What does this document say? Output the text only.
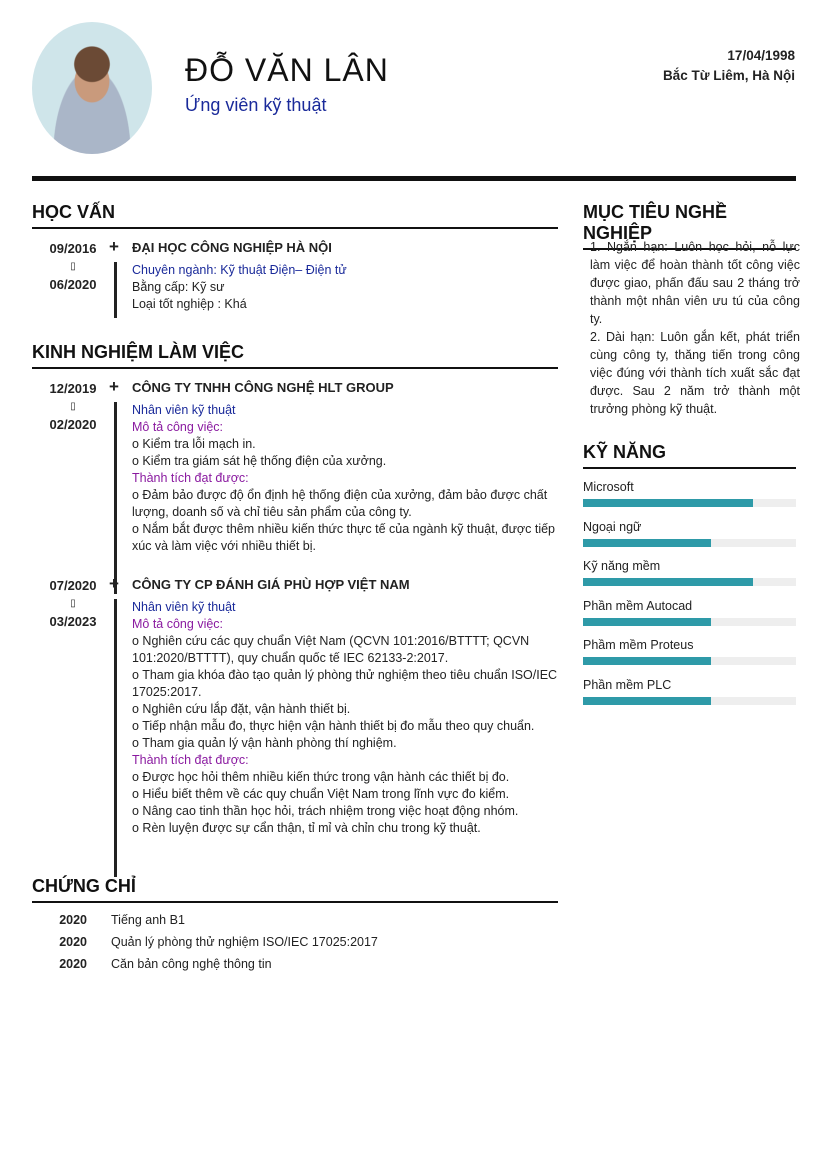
ĐỖ VĂN LÂN
Ứng viên kỹ thuật
17/04/1998
Bắc Từ Liêm, Hà Nội
HỌC VẤN
09/2016
▯
06/2020
+ ĐẠI HỌC CÔNG NGHIỆP HÀ NỘI
Chuyên ngành: Kỹ thuật Điện– Điện tử
Bằng cấp: Kỹ sư
Loại tốt nghiệp : Khá
KINH NGHIỆM LÀM VIỆC
12/2019
▯
02/2020
+ CÔNG TY TNHH CÔNG NGHỆ HLT GROUP
Nhân viên kỹ thuật
Mô tả công việc:
o Kiểm tra lỗi mạch in.
o Kiểm tra giám sát hệ thống điện của xưởng.
Thành tích đạt được:
o Đảm bảo được độ ổn định hệ thống điện của xưởng, đảm bảo được chất lượng, doanh số và chỉ tiêu sản phẩm của công ty.
o Nắm bắt được thêm nhiều kiến thức thực tế của ngành kỹ thuật, được tiếp xúc và làm việc với nhiều thiết bị.
07/2020
▯
03/2023
+ CÔNG TY CP ĐÁNH GIÁ PHÙ HỢP VIỆT NAM
Nhân viên kỹ thuật
Mô tả công việc:
o Nghiên cứu các quy chuẩn Việt Nam (QCVN 101:2016/BTTTT; QCVN 101:2020/BTTTT), quy chuẩn quốc tế IEC 62133-2:2017.
o Tham gia khóa đào tạo quản lý phòng thử nghiệm theo tiêu chuẩn ISO/IEC 17025:2017.
o Nghiên cứu lắp đặt, vận hành thiết bị.
o Tiếp nhận mẫu đo, thực hiện vận hành thiết bị đo mẫu theo quy chuẩn.
o Tham gia quản lý vận hành phòng thí nghiệm.
Thành tích đạt được:
o Được học hỏi thêm nhiều kiến thức trong vận hành các thiết bị đo.
o Hiểu biết thêm về các quy chuẩn Việt Nam trong lĩnh vực đo kiểm.
o Nâng cao tinh thần học hỏi, trách nhiệm trong việc hoạt động nhóm.
o Rèn luyện được sự cẩn thận, tỉ mỉ và chỉn chu trong kỹ thuật.
CHỨNG CHỈ
2020 Tiếng anh B1
2020 Quản lý phòng thử nghiệm ISO/IEC 17025:2017
2020 Căn bản công nghệ thông tin
MỤC TIÊU NGHỀ NGHIỆP
1. Ngắn hạn: Luôn học hỏi, nỗ lực làm việc để hoàn thành tốt công việc được giao, phấn đấu sau 2 tháng trở thành một nhân viên ưu tú của công ty.
2. Dài hạn: Luôn gắn kết, phát triển cùng công ty, thăng tiến trong công việc đúng với thành tích xuất sắc đạt được. Sau 2 năm trở thành một trưởng phòng kỹ thuật.
KỸ NĂNG
Microsoft
Ngoại ngữ
Kỹ năng mềm
Phần mềm Autocad
Phầm mềm Proteus
Phần mềm PLC
